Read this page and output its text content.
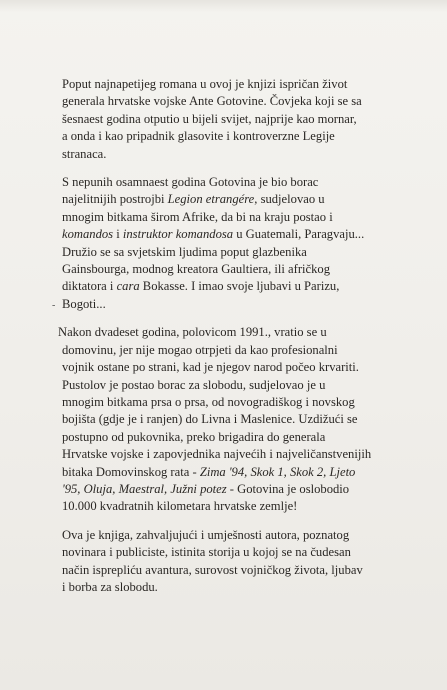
-

Poput najnapetijeg romana u ovoj je knjizi ispričan život
generala hrvatske vojske Ante Gotovine. Čovjeka koji se sa
šesnaest godina otputio u bijeli svijet, najprije kao mornar,
a onda i kao pripadnik glasovite i kontroverzne Legije
stranaca.

S nepunih osamnaest godina Gotovina je bio borac
najelitnijih postrojbi Legion etrangére, sudjelovao u
mnogim bitkama širom Afrike, da bi na kraju postao i
komandos i instruktor komandosa u Guatemali, Paragvaju...
Družio se sa svjetskim ljudima poput glazbenika
Gainsbourga, modnog kreatora Gaultiera, ili afričkog
diktatora i cara Bokasse. I imao svoje ljubavi u Parizu,
Bogoti...

Nakon dvadeset godina, polovicom 1991., vratio se u
domovinu, jer nije mogao otrpjeti da kao profesionalni
vojnik ostane po strani, kad je njegov narod počeo krvariti.
Pustolov je postao borac za slobodu, sudjelovao je u
mnogim bitkama prsa o prsa, od novogradiškog i novskog
bojišta (gdje je i ranjen) do Livna i Maslenice. Uzdižući se
postupno od pukovnika, preko brigadira do generala
Hrvatske vojske i zapovjednika najvećih i najveličanstvenijih
bitaka Domovinskog rata - Zima '94, Skok 1, Skok 2, Ljeto
'95, Oluja, Maestral, Južni potez - Gotovina je oslobodio
10.000 kvadratnih kilometara hrvatske zemlje!

Ova je knjiga, zahvaljujući i umješnosti autora, poznatog
novinara i publiciste, istinita storija u kojoj se na čudesan
način isprepliću avantura, surovost vojničkog života, ljubav
i borba za slobodu.
